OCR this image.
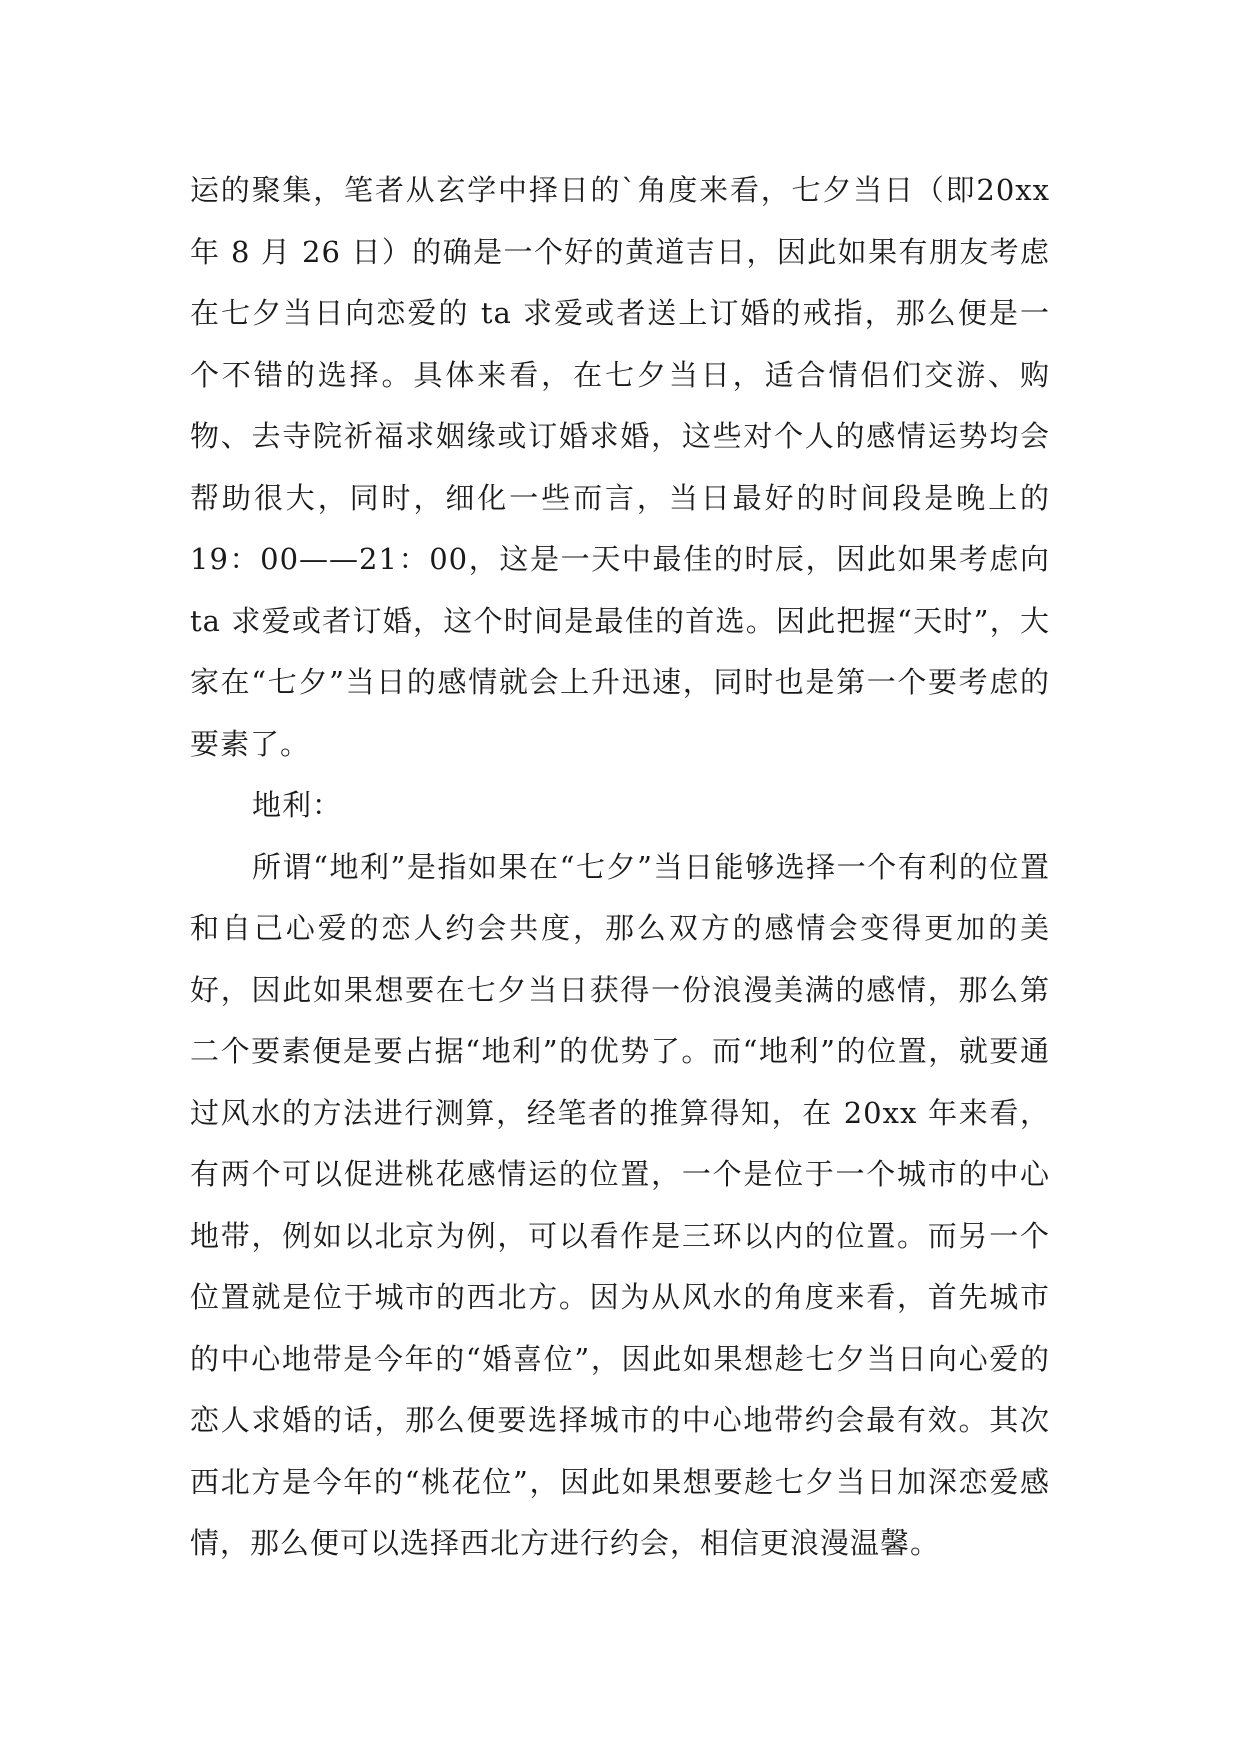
运的聚集，笔者从玄学中择日的`角度来看，七夕当日（即20xx 年 8 月 26 日）的确是一个好的黄道吉日，因此如果有朋友考虑在七夕当日向恋爱的 ta 求爱或者送上订婚的戒指，那么便是一个不错的选择。具体来看，在七夕当日，适合情侣们交游、购物、去寺院祈福求姻缘或订婚求婚，这些对个人的感情运势均会帮助很大，同时，细化一些而言，当日最好的时间段是晚上的 19：00——21：00，这是一天中最佳的时辰，因此如果考虑向 ta 求爱或者订婚，这个时间是最佳的首选。因此把握“天时”，大家在“七夕”当日的感情就会上升迅速，同时也是第一个要考虑的要素了。

地利：

所谓“地利”是指如果在“七夕”当日能够选择一个有利的位置和自己心爱的恋人约会共度，那么双方的感情会变得更加的美好，因此如果想要在七夕当日获得一份浪漫美满的感情，那么第二个要素便是要占据“地利”的优势了。而“地利”的位置，就要通过风水的方法进行测算，经笔者的推算得知，在 20xx 年来看，有两个可以促进桃花感情运的位置，一个是位于一个城市的中心地带，例如以北京为例，可以看作是三环以内的位置。而另一个位置就是位于城市的西北方。因为从风水的角度来看，首先城市的中心地带是今年的“婚喜位”，因此如果想趁七夕当日向心爱的恋人求婚的话，那么便要选择城市的中心地带约会最有效。其次西北方是今年的“桃花位”，因此如果想要趁七夕当日加深恋爱感情，那么便可以选择西北方进行约会，相信更浪漫温馨。
